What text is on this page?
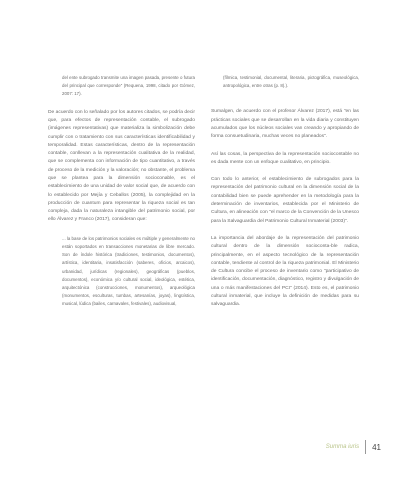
del ente subrogado transmite una imagen pasada, presente o futura del principal que corresponde” (Requena, 1998, citado por Gómez, 2007: 17).

De acuerdo con lo señalado por los autores citados, se podría decir que, para efectos de representación contable, el subrogado (imágenes representativas) que materializa la simbolización debe cumplir con o tratamiento con sus características identificabilidad y temporalidad. Estas características, dentro de la representación contable, conllevan a la representación cualitativa de la realidad, que se complementa con información de tipo cuantitativo, a través de proceso de la medición y la valoración; no obstante, el problema que se plantea para la dimensión socioconable, es el establecimiento de una unidad de valor social que, de acuerdo con lo establecido por Mejía y Ceballos (2005), la complejidad en la producción de cuantum para representar la riqueza social es tan compleja, dada la naturaleza intangible del patrimonio social, por ello Álvarez y Franco (2017), consideran que:

... la base de los patrimonios sociales es múltiple y generalmente no están soportados en transacciones monetarias de libre mercado. Son de índole histórica (tradiciones, testimonios, documentos), artística, identitaria, insatisfacción (saberes, oficios, arcaicos), urbanidad, jurídicas (regionales), geográficas (pueblos, documentos), económica y/o cultural social, ideológica, estética, arquitectónica (construcciones, monumentos), arqueológica (monumentos, esculturas, tumbas, artesanías, joyas), lingüística, musical, lúdica (bailes, carnavales, festivales), audiovisual,

(fílmica, testimonial, documental, literaria, pictográfica, museológica, antropológica, entre otras (p. 8).).

Sumalgen, de acuerdo con el profesor Álvarez (2017), está "en las prácticas sociales que se desarrollan en la vida diaria y constituyen acumulados que los núcleos sociales van creando y apropiando de forma consuetudinaria, muchas veces no planeados".

Así las cosas, la perspectiva de la representación sociocontable no es dada mente con un enfoque cualitativo, en principio.

Con todo lo anterior, el establecimiento de subrogados para la representación del patrimonio cultural en la dimensión social de la contabilidad bien se puede aprehender en la metodología para la determinación de inventarios, establecida por el Ministerio de Cultura, en alineación con "el marco de la Convención de la Unesco para la Salvaguardia del Patrimonio Cultural Inmaterial (2003)".

La importancia del abordaje de la representación del patrimonio cultural dentro de la dimensión socioconta-ble radica, principalmente, en el aspecto tecnológico de la representación contable, tendiente al control de la riqueza patrimonial. El Ministerio de Cultura concibe el proceso de inventario como "participativo de identificación, documentación, diagnóstico, registro y divulgación de una o más manifestaciones del PCI" (2014). Esto es, el patrimonio cultural inmaterial, que incluye la definición de medidas para su salvaguardia.

Summa iuris 41
